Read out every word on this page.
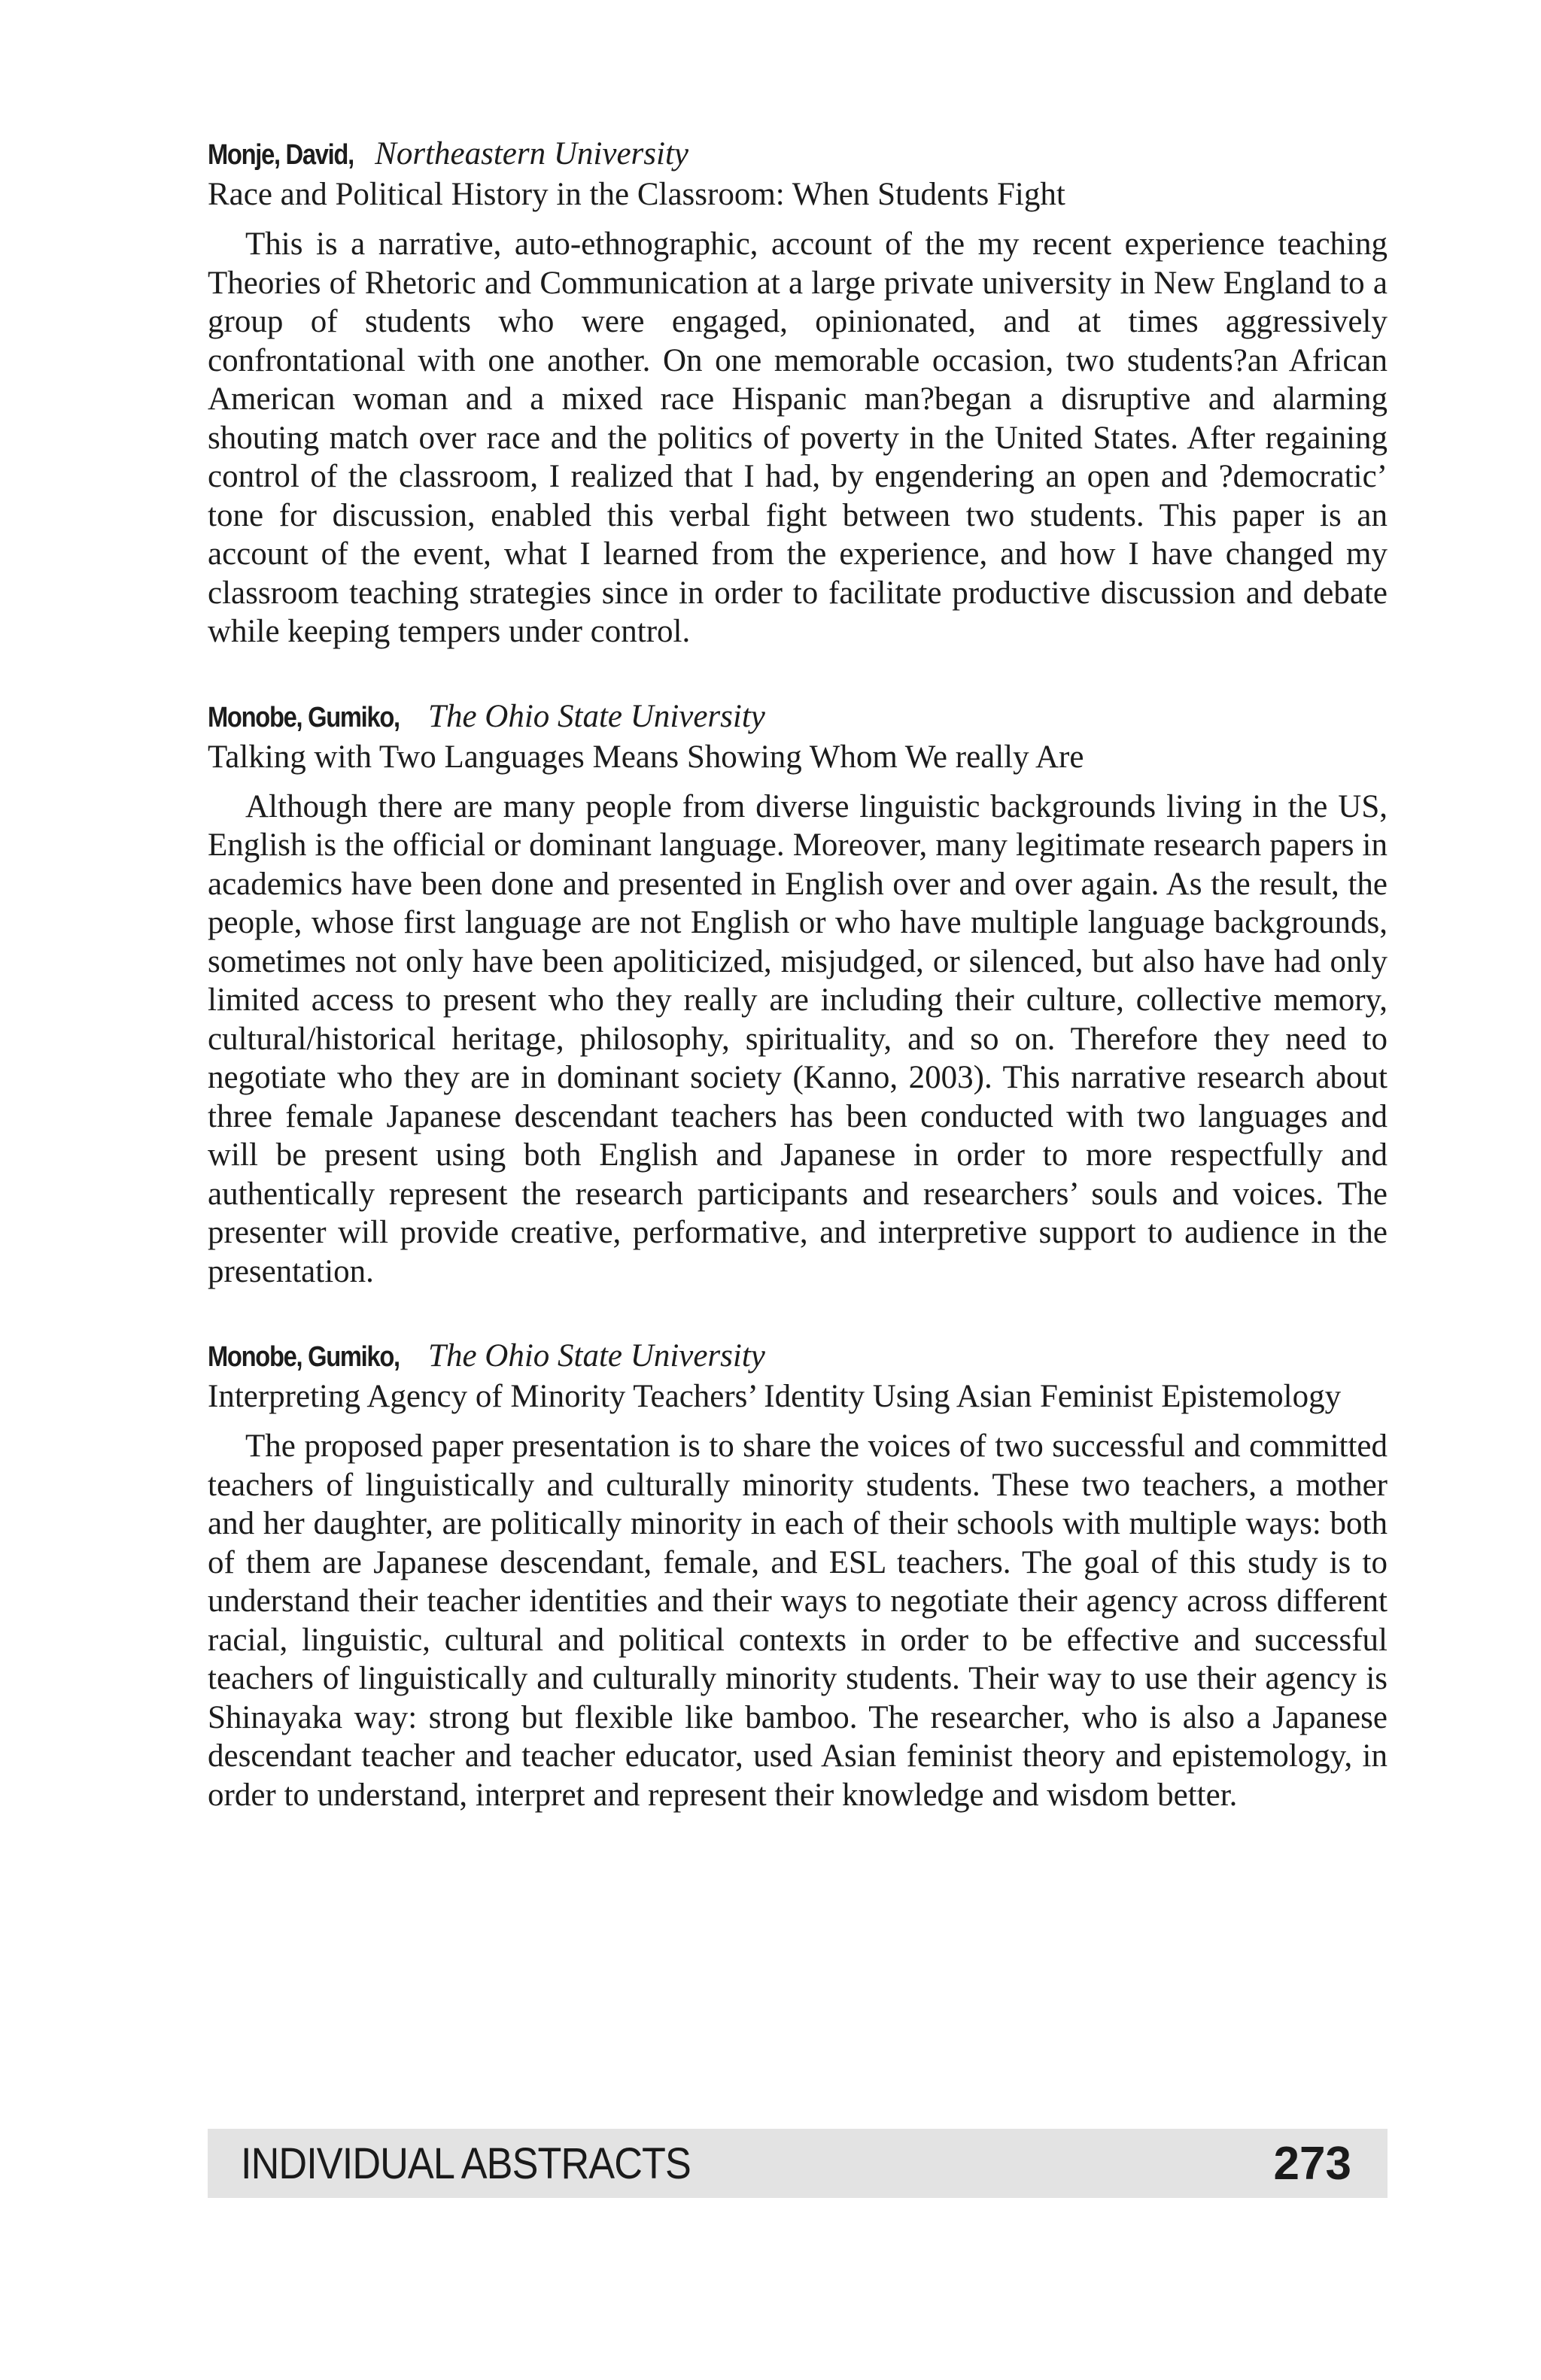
Monje, David, Northeastern University

Race and Political History in the Classroom: When Students Fight

This is a narrative, auto-ethnographic, account of the my recent experience teaching Theories of Rhetoric and Communication at a large private university in New England to a group of students who were engaged, opinionated, and at times aggressively confrontational with one another. On one memorable occasion, two students?an African American woman and a mixed race Hispanic man?began a disruptive and alarming shouting match over race and the politics of poverty in the United States. After regaining control of the classroom, I realized that I had, by engendering an open and ?democratic’ tone for discussion, enabled this verbal fight between two students. This paper is an account of the event, what I learned from the experience, and how I have changed my classroom teaching strategies since in order to facilitate productive discussion and debate while keeping tempers under control.

Monobe, Gumiko, The Ohio State University

Talking with Two Languages Means Showing Whom We really Are

Although there are many people from diverse linguistic backgrounds living in the US, English is the official or dominant language. Moreover, many legitimate research papers in academics have been done and presented in English over and over again. As the result, the people, whose first language are not English or who have multiple language backgrounds, sometimes not only have been apoliticized, misjudged, or silenced, but also have had only limited access to present who they really are including their culture, collective memory, cultural/historical heritage, philosophy, spirituality, and so on. Therefore they need to negotiate who they are in dominant society (Kanno, 2003). This narrative research about three female Japanese descendant teachers has been conducted with two languages and will be present using both English and Japanese in order to more respectfully and authentically represent the research participants and researchers’ souls and voices. The presenter will provide creative, performative, and interpretive support to audience in the presentation.

Monobe, Gumiko, The Ohio State University

Interpreting Agency of Minority Teachers’ Identity Using Asian Feminist Epistemology

The proposed paper presentation is to share the voices of two successful and committed teachers of linguistically and culturally minority students. These two teachers, a mother and her daughter, are politically minority in each of their schools with multiple ways: both of them are Japanese descendant, female, and ESL teachers. The goal of this study is to understand their teacher identities and their ways to negotiate their agency across different racial, linguistic, cultural and political contexts in order to be effective and successful teachers of linguistically and culturally minority students. Their way to use their agency is Shinayaka way: strong but flexible like bamboo. The researcher, who is also a Japanese descendant teacher and teacher educator, used Asian feminist theory and epistemology, in order to understand, interpret and represent their knowledge and wisdom better.

INDIVIDUAL ABSTRACTS	273
